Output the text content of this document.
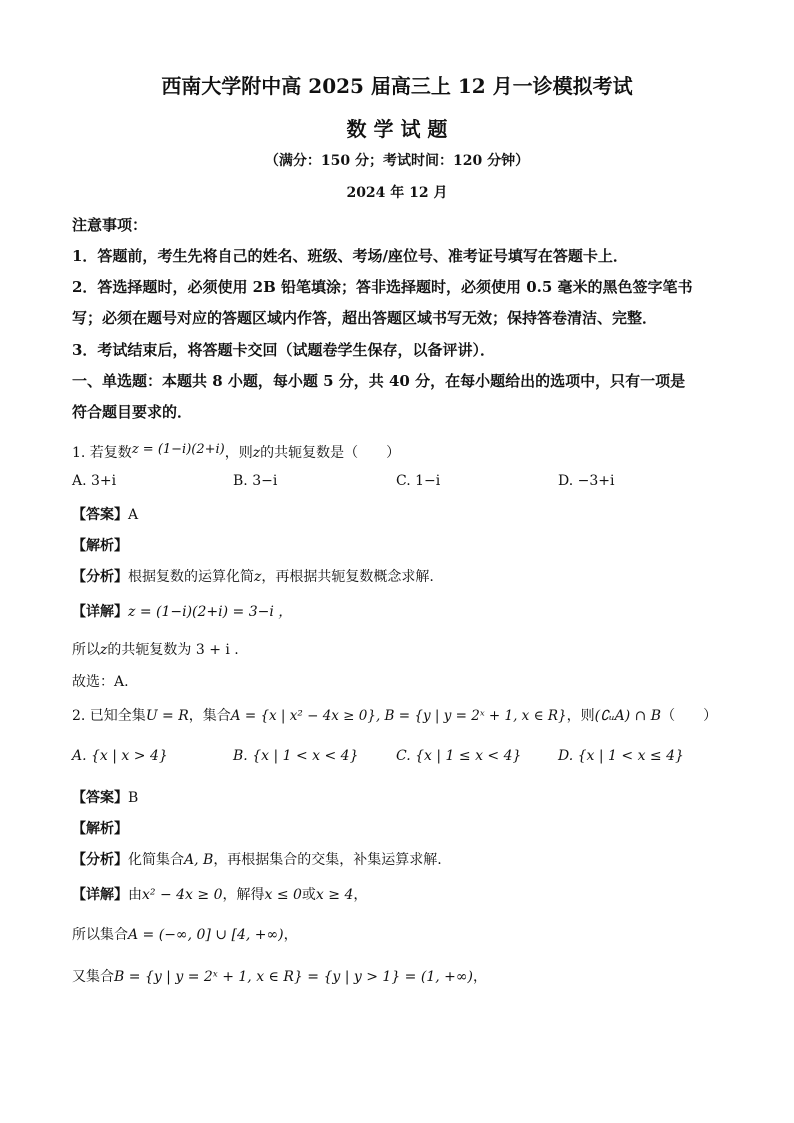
西南大学附中高 2025 届高三上 12 月一诊模拟考试
数 学 试 题
（满分：150 分；考试时间：120 分钟）
2024 年 12 月
注意事项：
1．答题前，考生先将自己的姓名、班级、考场/座位号、准考证号填写在答题卡上．
2．答选择题时，必须使用 2B 铅笔填涂；答非选择题时，必须使用 0.5 毫米的黑色签字笔书
写；必须在题号对应的答题区域内作答，超出答题区域书写无效；保持答卷清洁、完整．
3．考试结束后，将答题卡交回（试题卷学生保存，以备评讲）．
一、单选题：本题共 8 小题，每小题 5 分，共 40 分，在每小题给出的选项中，只有一项是
符合题目要求的．
1. 若复数z = (1−i)(2+i)，则z的共轭复数是（　　）
A. 3+i	B. 3−i	C. 1−i	D. −3+i
【答案】A
【解析】
【分析】根据复数的运算化简z，再根据共轭复数概念求解.
【详解】z = (1−i)(2+i) = 3−i ，
所以z的共轭复数为 3 + i .
故选：A.
2. 已知全集U = R，集合A = {x | x² − 4x ≥ 0}, B = {y | y = 2ˣ + 1, x ∈ R}，则(∁ᵤA) ∩ B（　　）
A. {x | x > 4}	B. {x | 1 < x < 4}	C. {x | 1 ≤ x < 4}	D. {x | 1 < x ≤ 4}
【答案】B
【解析】
【分析】化简集合A, B，再根据集合的交集，补集运算求解.
【详解】由x² − 4x ≥ 0，解得x ≤ 0或x ≥ 4，
所以集合A = (−∞, 0] ∪ [4, +∞)，
又集合B = {y | y = 2ˣ + 1, x ∈ R} = {y | y > 1} = (1, +∞)，
